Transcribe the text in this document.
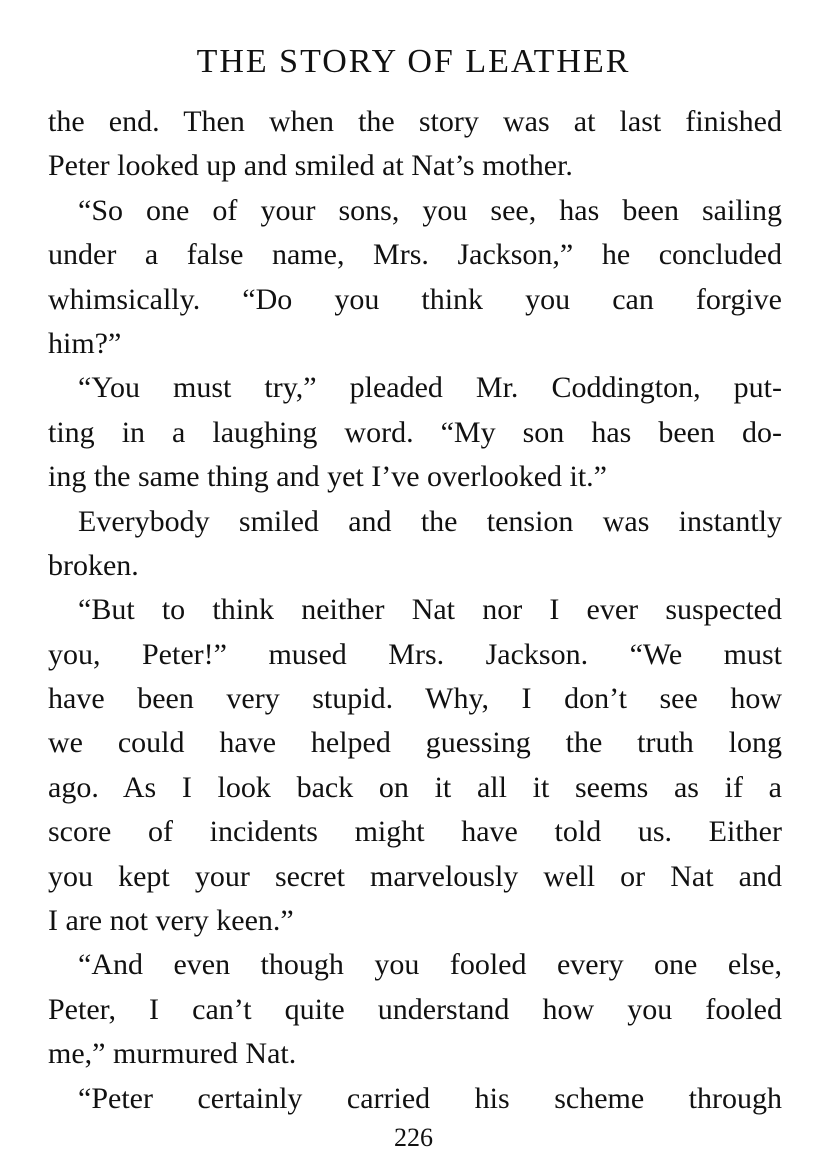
THE STORY OF LEATHER
the end. Then when the story was at last finished
Peter looked up and smiled at Nat’s mother.
“So one of your sons, you see, has been sailing
under a false name, Mrs. Jackson,” he concluded
whimsically. “Do you think you can forgive
him?”
“You must try,” pleaded Mr. Coddington, put-
ting in a laughing word. “My son has been do-
ing the same thing and yet I’ve overlooked it.”
Everybody smiled and the tension was instantly
broken.
“But to think neither Nat nor I ever suspected
you, Peter!” mused Mrs. Jackson. “We must
have been very stupid. Why, I don’t see how
we could have helped guessing the truth long
ago. As I look back on it all it seems as if a
score of incidents might have told us. Either
you kept your secret marvelously well or Nat and
I are not very keen.”
“And even though you fooled every one else,
Peter, I can’t quite understand how you fooled
me,” murmured Nat.
“Peter certainly carried his scheme through
226
